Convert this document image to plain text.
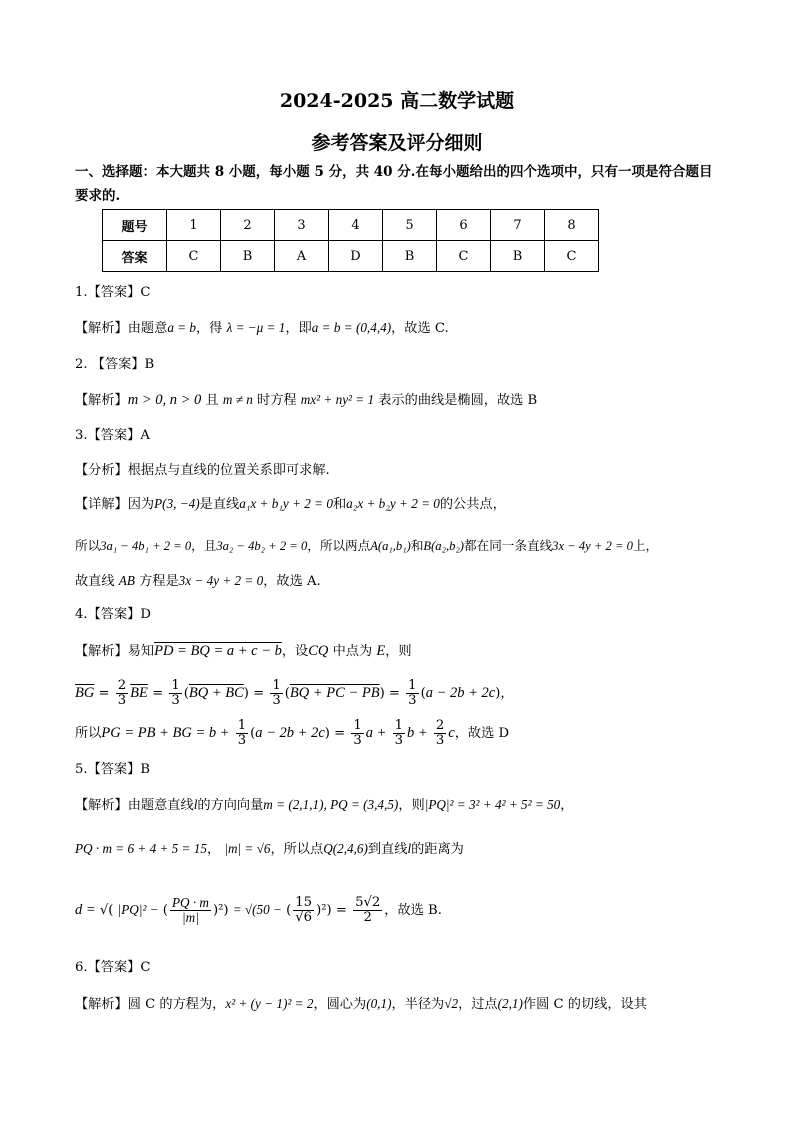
2024-2025 高二数学试题
参考答案及评分细则
一、选择题：本大题共 8 小题，每小题 5 分，共 40 分.在每小题给出的四个选项中，只有一项是符合题目要求的.
题号	1	2	3	4	5	6	7	8
答案	C	B	A	D	B	C	B	C
1.【答案】C
【解析】由题意a = b，得 λ = −μ = 1，即a = b = (0,4,4)，故选 C.
2. 【答案】B
【解析】m > 0, n > 0 且 m ≠ n 时方程 mx² + ny² = 1 表示的曲线是椭圆，故选 B
3.【答案】A
【分析】根据点与直线的位置关系即可求解.
【详解】因为P(3, −4)是直线a₁x + b₁y + 2 = 0和a₂x + b₂y + 2 = 0的公共点，
所以3a₁ − 4b₁ + 2 = 0，且3a₂ − 4b₂ + 2 = 0，所以两点A(a₁,b₁)和B(a₂,b₂)都在同一条直线3x − 4y + 2 = 0上，
故直线 AB 方程是3x − 4y + 2 = 0，故选 A.
4.【答案】D
【解析】易知PD = BQ = a + c − b，设CQ 中点为 E，则
$\overline{BG} = \frac{2}{3} \overline{BE} = \frac{1}{3} (BQ + BC) = \frac{1}{3} (BQ$ + PC − $PB) = \frac{1}{3} (a - 2b + 2c)$，
所以PG = PB + BG = $b + \frac{1}{3} (a - 2b + 2c) = \frac{1}{3}$ $a + \frac{1}{3}$ $b + \frac{2}{3}$ c，故选 D
5.【答案】B
【解析】由题意直线l的方向向量m = (2,1,1), PQ = (3,4,5)，则|PQ|² = 3² + 4² + 5² = 50，
PQ · m = 6 + 4 + 5 = 15， |m| = √6，所以点Q(2,4,6)到直线l的距离为
d = √( |PQ|² − ( $\frac{PQ \cdot m}{|m|} )^2) = √(50$ − ( $\frac{15}{√6} )^2) = \frac{5√2}{2}$ ，故选 B.
6.【答案】C
【解析】圆 C 的方程为，x² + (y − 1)² = 2，圆心为(0,1)，半径为√2，过点(2,1)作圆 C 的切线，设其
